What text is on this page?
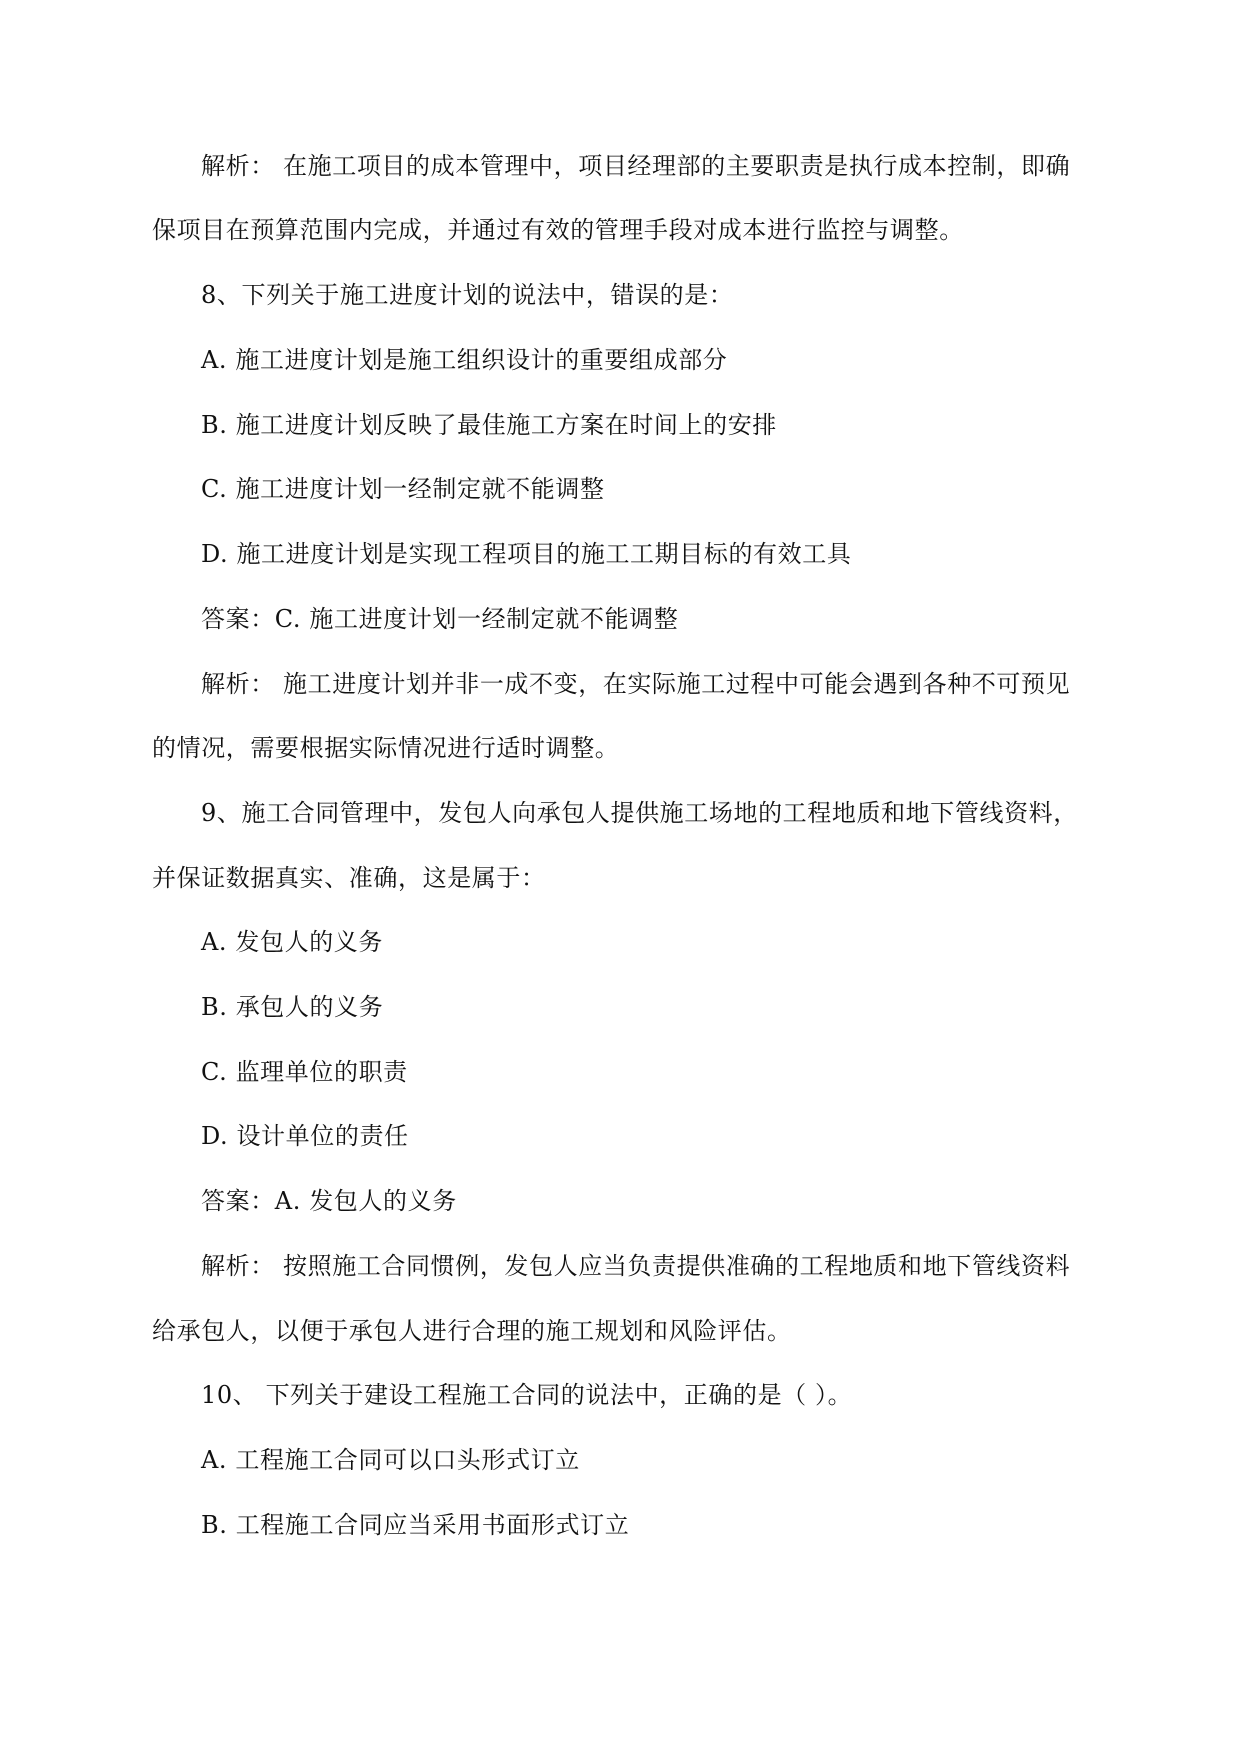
解析： 在施工项目的成本管理中，项目经理部的主要职责是执行成本控制，即确
保项目在预算范围内完成，并通过有效的管理手段对成本进行监控与调整。
8、下列关于施工进度计划的说法中，错误的是：
A. 施工进度计划是施工组织设计的重要组成部分
B. 施工进度计划反映了最佳施工方案在时间上的安排
C. 施工进度计划一经制定就不能调整
D. 施工进度计划是实现工程项目的施工工期目标的有效工具
答案：C. 施工进度计划一经制定就不能调整
解析： 施工进度计划并非一成不变，在实际施工过程中可能会遇到各种不可预见
的情况，需要根据实际情况进行适时调整。
9、施工合同管理中，发包人向承包人提供施工场地的工程地质和地下管线资料，
并保证数据真实、准确，这是属于：
A. 发包人的义务
B. 承包人的义务
C. 监理单位的职责
D. 设计单位的责任
答案：A. 发包人的义务
解析： 按照施工合同惯例，发包人应当负责提供准确的工程地质和地下管线资料
给承包人，以便于承包人进行合理的施工规划和风险评估。
10、 下列关于建设工程施工合同的说法中，正确的是（ ）。
A. 工程施工合同可以口头形式订立
B. 工程施工合同应当采用书面形式订立
